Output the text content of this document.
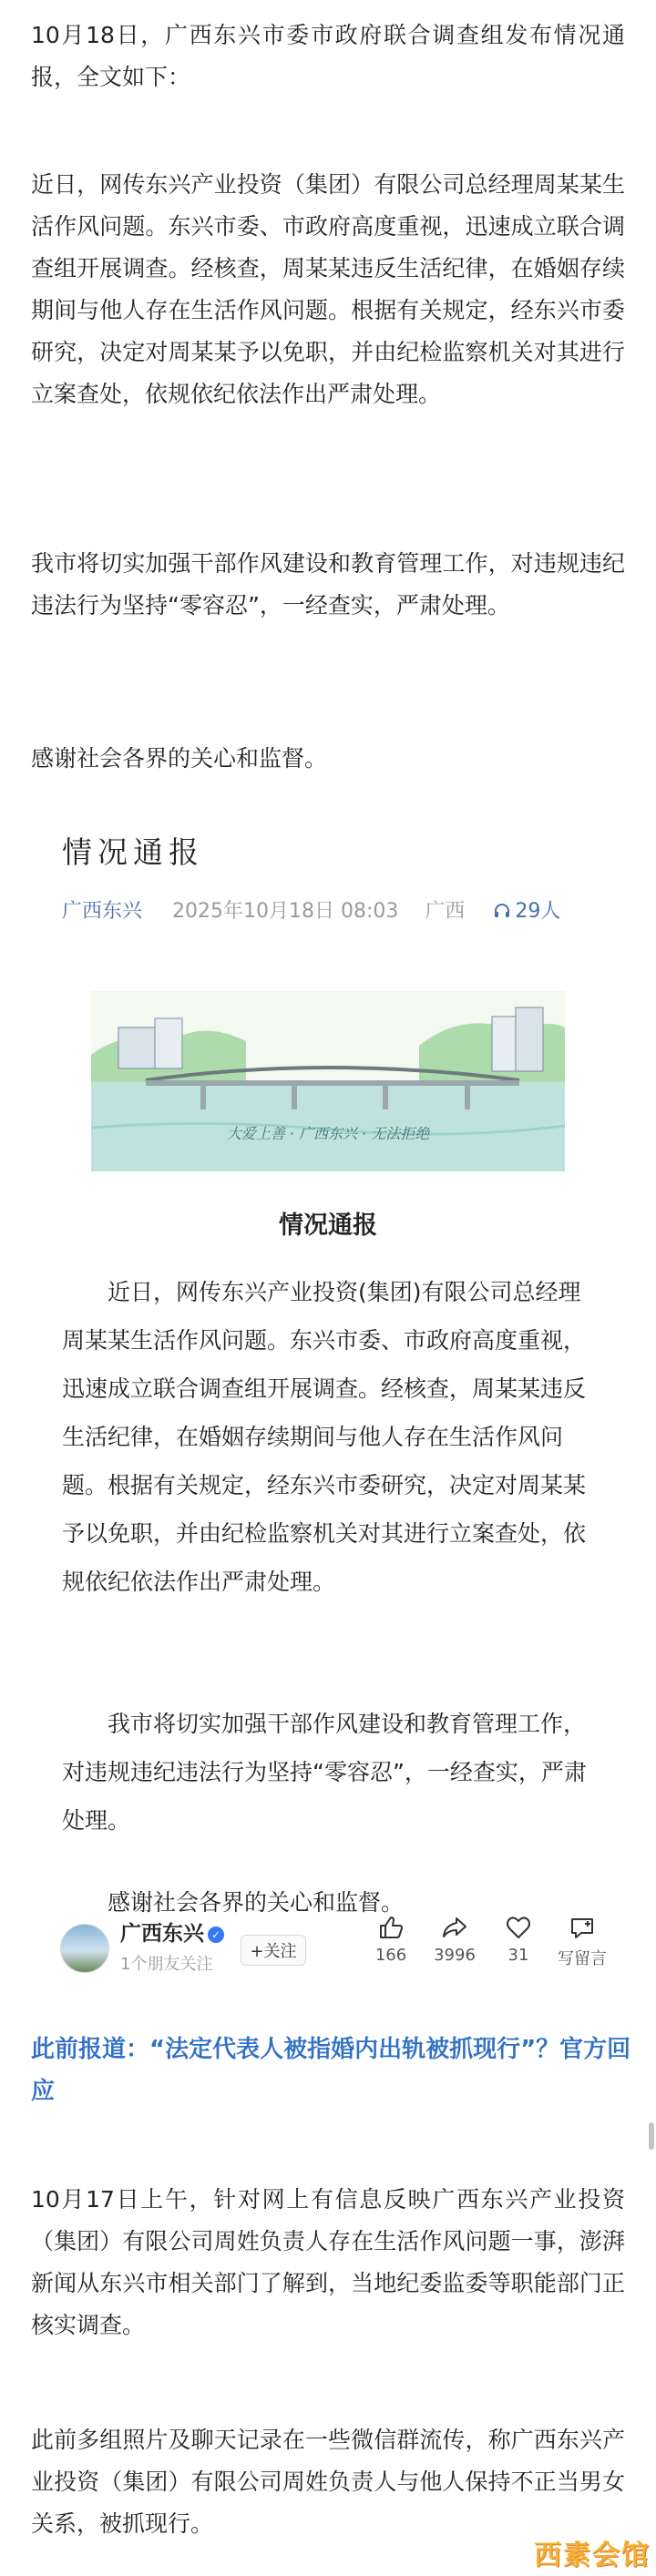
10月18日，广西东兴市委市政府联合调查组发布情况通报，全文如下：

近日，网传东兴产业投资（集团）有限公司总经理周某某生活作风问题。东兴市委、市政府高度重视，迅速成立联合调查组开展调查。经核查，周某某违反生活纪律，在婚姻存续期间与他人存在生活作风问题。根据有关规定，经东兴市委研究，决定对周某某予以免职，并由纪检监察机关对其进行立案查处，依规依纪依法作出严肃处理。

我市将切实加强干部作风建设和教育管理工作，对违规违纪违法行为坚持“零容忍”，一经查实，严肃处理。

感谢社会各界的关心和监督。

情况通报
广西东兴 2025年10月18日 08:03 广西	29人
大爱上善 · 广西东兴 · 无法拒绝
情况通报

近日，网传东兴产业投资(集团)有限公司总经理周某某生活作风问题。东兴市委、市政府高度重视，迅速成立联合调查组开展调查。经核查，周某某违反生活纪律，在婚姻存续期间与他人存在生活作风问题。根据有关规定，经东兴市委研究，决定对周某某予以免职，并由纪检监察机关对其进行立案查处，依规依纪依法作出严肃处理。

我市将切实加强干部作风建设和教育管理工作，对违规违纪违法行为坚持“零容忍”，一经查实，严肃处理。

感谢社会各界的关心和监督。

广西东兴 ✓
1个朋友关注
+关注	166	3996	31	写留言

此前报道：“法定代表人被指婚内出轨被抓现行”？官方回应

10月17日上午，针对网上有信息反映广西东兴产业投资（集团）有限公司周姓负责人存在生活作风问题一事，澎湃新闻从东兴市相关部门了解到，当地纪委监委等职能部门正核实调查。

此前多组照片及聊天记录在一些微信群流传，称广西东兴产业投资（集团）有限公司周姓负责人与他人保持不正当男女关系，被抓现行。

西素会馆
